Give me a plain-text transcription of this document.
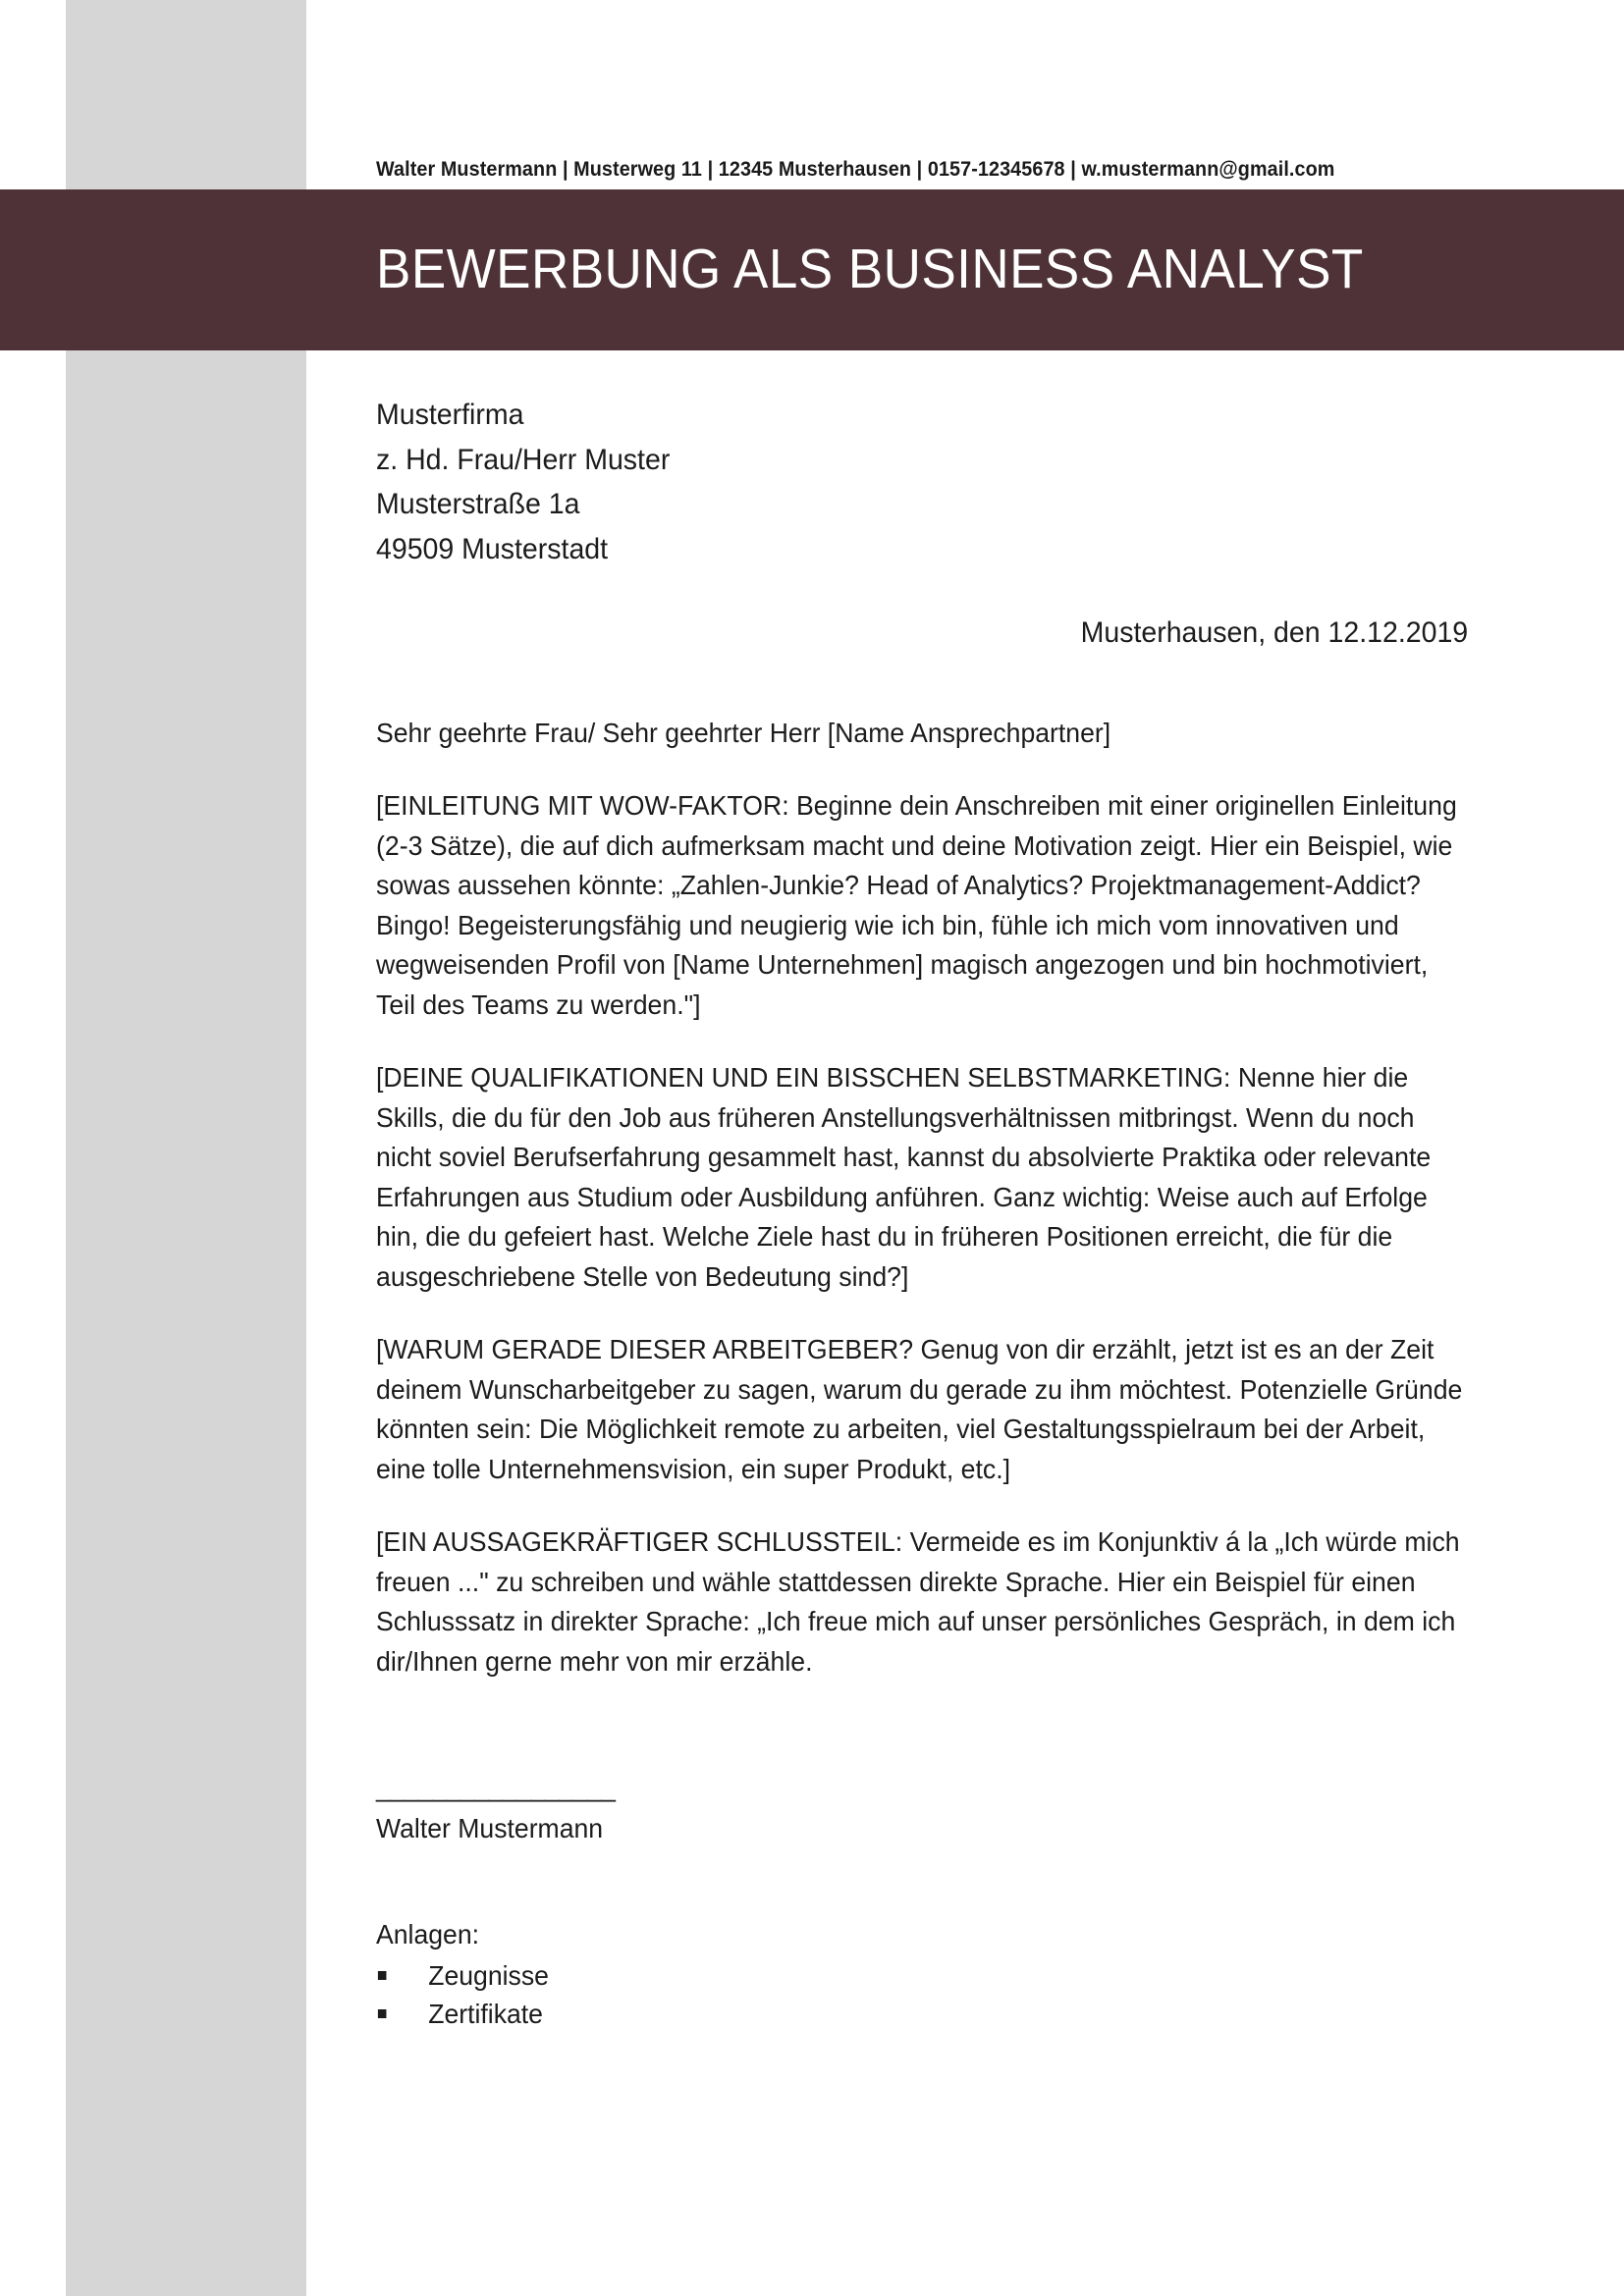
Walter Mustermann | Musterweg 11 | 12345 Musterhausen | 0157-12345678 | w.mustermann@gmail.com
BEWERBUNG ALS BUSINESS ANALYST
Musterfirma
z. Hd. Frau/Herr Muster
Musterstraße 1a
49509 Musterstadt
Musterhausen, den 12.12.2019
Sehr geehrte Frau/ Sehr geehrter Herr [Name Ansprechpartner]
[EINLEITUNG MIT WOW-FAKTOR: Beginne dein Anschreiben mit einer originellen Einleitung (2-3 Sätze), die auf dich aufmerksam macht und deine Motivation zeigt. Hier ein Beispiel, wie sowas aussehen könnte: „Zahlen-Junkie? Head of Analytics? Projektmanagement-Addict? Bingo! Begeisterungsfähig und neugierig wie ich bin, fühle ich mich vom innovativen und wegweisenden Profil von [Name Unternehmen] magisch angezogen und bin hochmotiviert, Teil des Teams zu werden."]
[DEINE QUALIFIKATIONEN UND EIN BISSCHEN SELBSTMARKETING: Nenne hier die Skills, die du für den Job aus früheren Anstellungsverhältnissen mitbringst. Wenn du noch nicht soviel Berufserfahrung gesammelt hast, kannst du absolvierte Praktika oder relevante Erfahrungen aus Studium oder Ausbildung anführen. Ganz wichtig: Weise auch auf Erfolge hin, die du gefeiert hast. Welche Ziele hast du in früheren Positionen erreicht, die für die ausgeschriebene Stelle von Bedeutung sind?]
[WARUM GERADE DIESER ARBEITGEBER? Genug von dir erzählt, jetzt ist es an der Zeit deinem Wunscharbeitgeber zu sagen, warum du gerade zu ihm möchtest. Potenzielle Gründe könnten sein: Die Möglichkeit remote zu arbeiten, viel Gestaltungsspielraum bei der Arbeit, eine tolle Unternehmensvision, ein super Produkt, etc.]
[EIN AUSSAGEKRÄFTIGER SCHLUSSTEIL: Vermeide es im Konjunktiv á la „Ich würde mich freuen ..." zu schreiben und wähle stattdessen direkte Sprache. Hier ein Beispiel für einen Schlusssatz in direkter Sprache: „Ich freue mich auf unser persönliches Gespräch, in dem ich dir/Ihnen gerne mehr von mir erzähle.
_________________
Walter Mustermann
Anlagen:
Zeugnisse
Zertifikate
